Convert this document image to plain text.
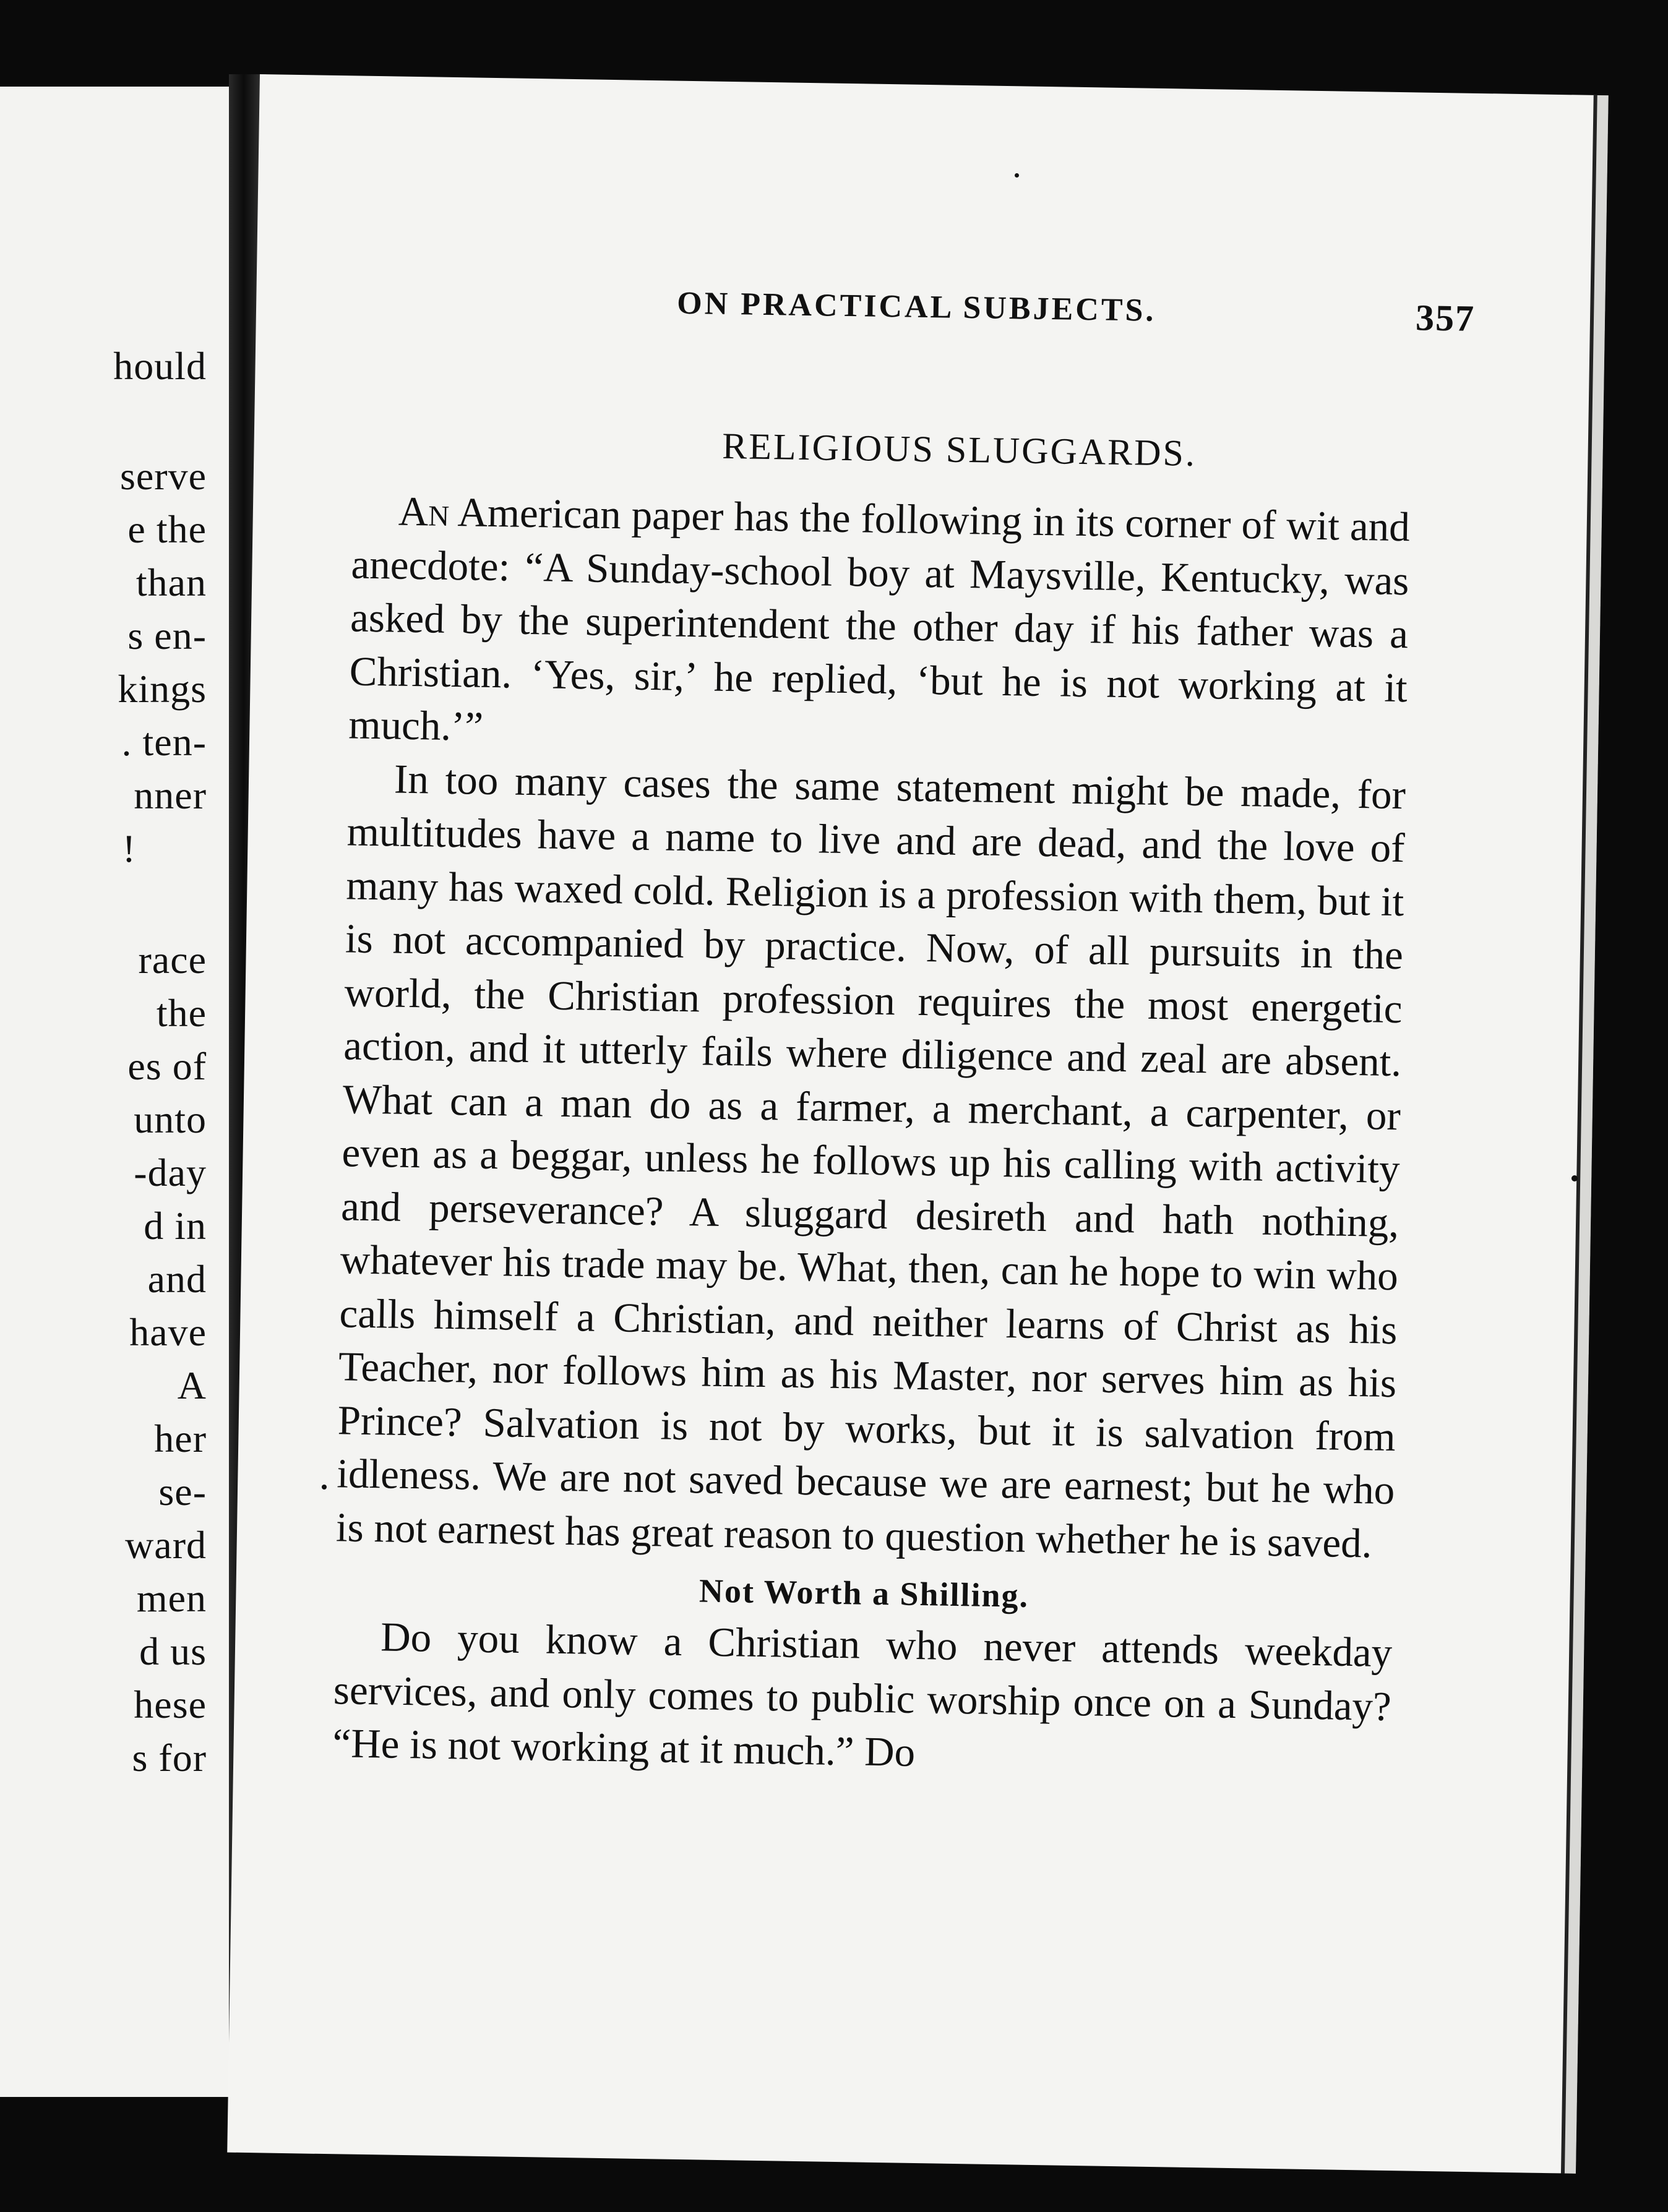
hould
serve
e the
than
s en-
kings
. ten-
nner
!
race
the
es of
unto
-day
d in
and
have
A
her
se-
ward
men
d us
hese
s for
ON PRACTICAL SUBJECTS.	357
RELIGIOUS SLUGGARDS.

An American paper has the following in its corner of wit and anecdote: “A Sunday-school boy at Maysville, Kentucky, was asked by the superintendent the other day if his father was a Christian. ‘Yes, sir,’ he replied, ‘but he is not working at it much.’”

In too many cases the same statement might be made, for multitudes have a name to live and are dead, and the love of many has waxed cold. Religion is a profession with them, but it is not accompanied by practice. Now, of all pursuits in the world, the Christian profession requires the most energetic action, and it utterly fails where diligence and zeal are absent. What can a man do as a farmer, a merchant, a carpenter, or even as a beggar, unless he follows up his calling with activity and perseverance? A sluggard desireth and hath nothing, whatever his trade may be. What, then, can he hope to win who calls himself a Christian, and neither learns of Christ as his Teacher, nor follows him as his Master, nor serves him as his Prince? Salvation is not by works, but it is salvation from idleness. We are not saved because we are earnest; but he who is not earnest has great reason to question whether he is saved.

Not Worth a Shilling.

Do you know a Christian who never attends weekday services, and only comes to public worship once on a Sunday? “He is not working at it much.” Do
